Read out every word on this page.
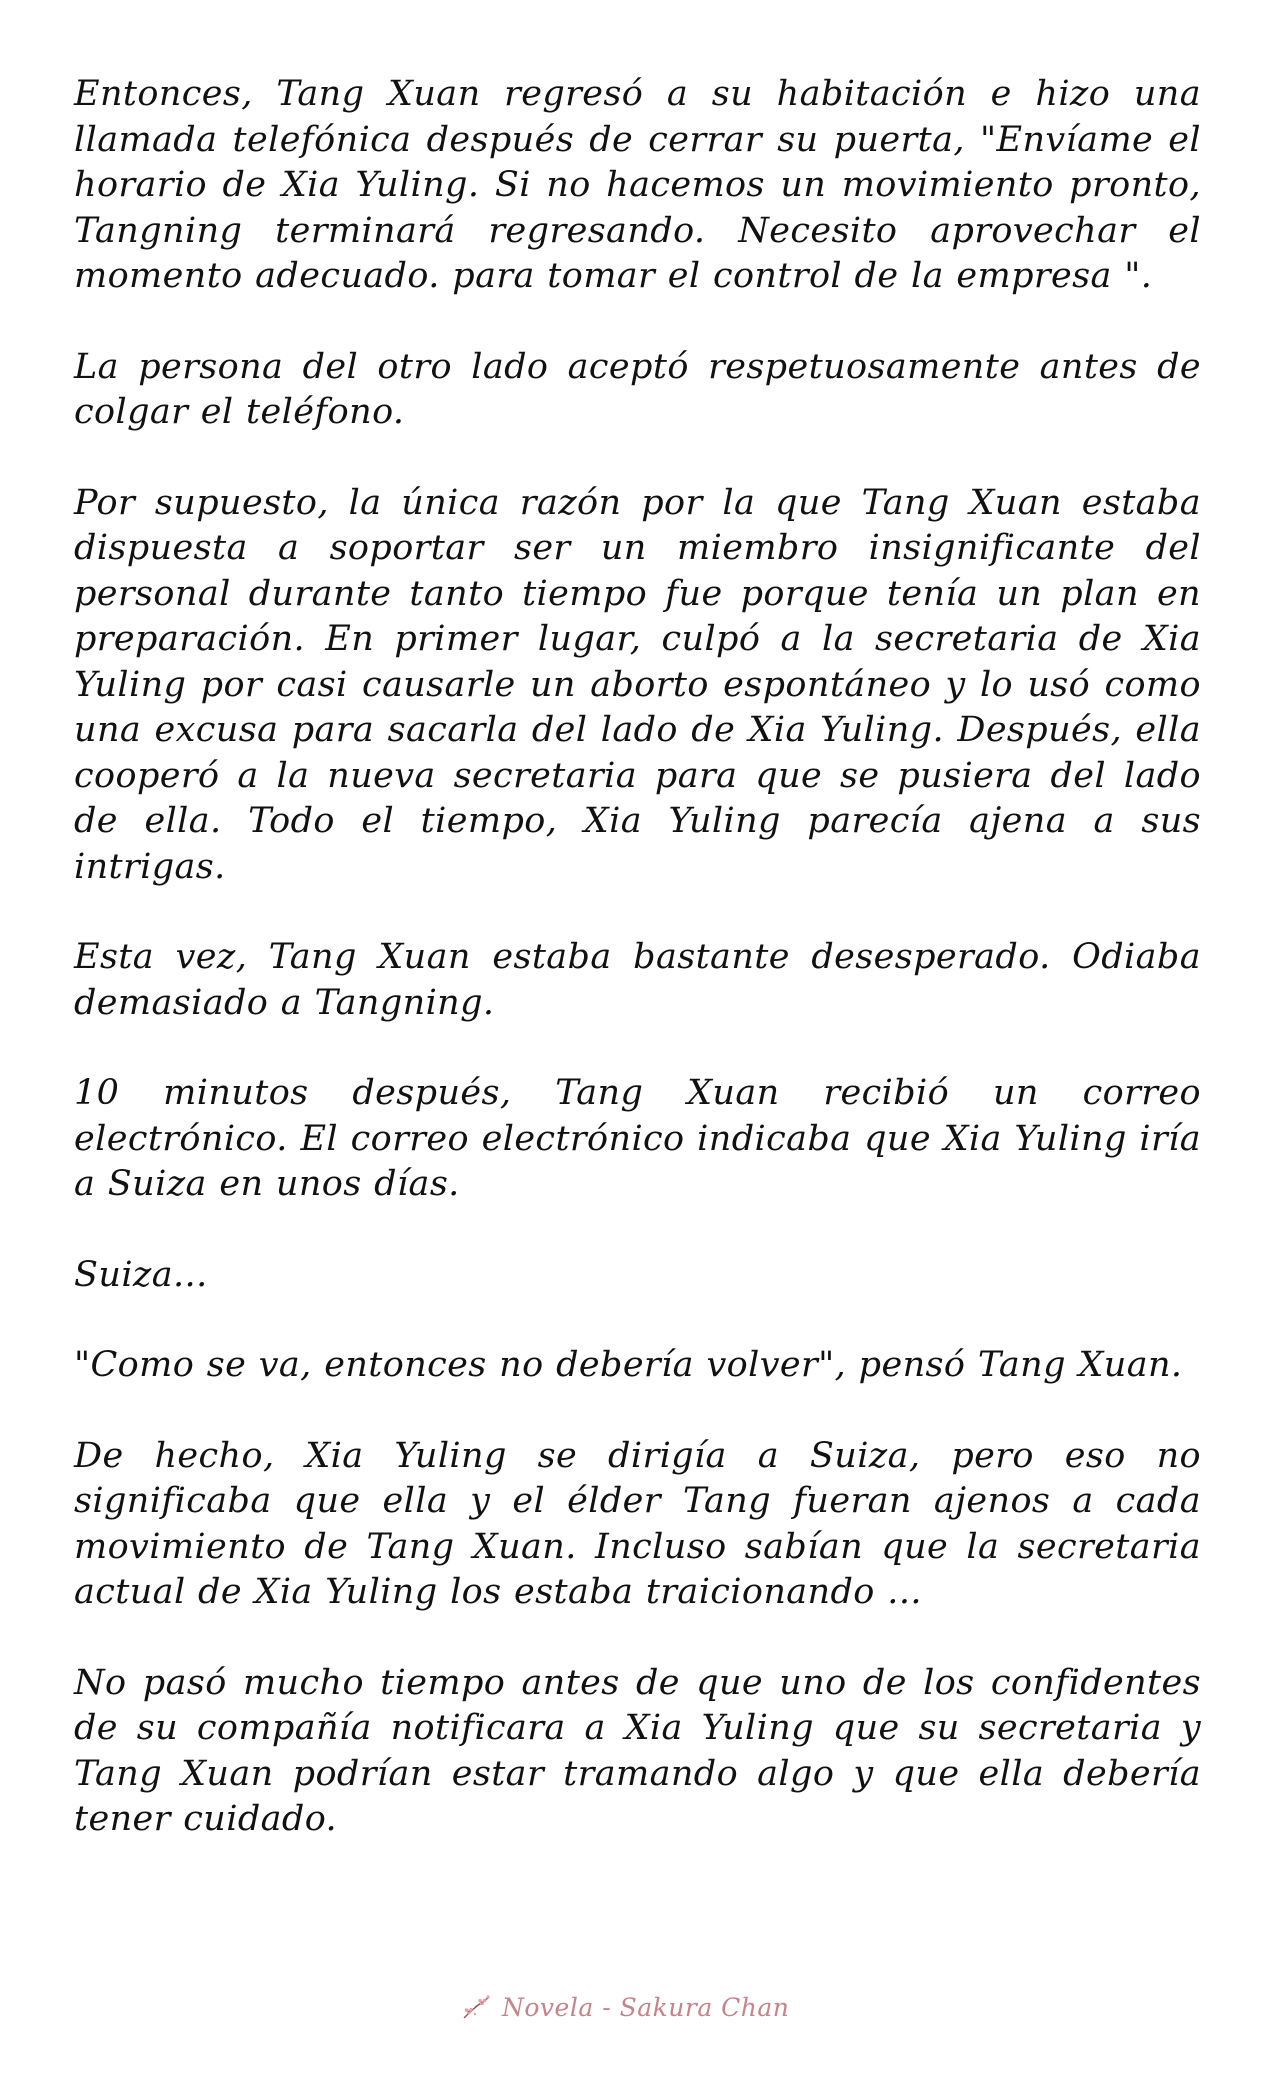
Entonces, Tang Xuan regresó a su habitación e hizo una llamada telefónica después de cerrar su puerta, "Envíame el horario de Xia Yuling. Si no hacemos un movimiento pronto, Tangning terminará regresando. Necesito aprovechar el momento adecuado. para tomar el control de la empresa ".

La persona del otro lado aceptó respetuosamente antes de colgar el teléfono.

Por supuesto, la única razón por la que Tang Xuan estaba dispuesta a soportar ser un miembro insignificante del personal durante tanto tiempo fue porque tenía un plan en preparación. En primer lugar, culpó a la secretaria de Xia Yuling por casi causarle un aborto espontáneo y lo usó como una excusa para sacarla del lado de Xia Yuling. Después, ella cooperó a la nueva secretaria para que se pusiera del lado de ella. Todo el tiempo, Xia Yuling parecía ajena a sus intrigas.

Esta vez, Tang Xuan estaba bastante desesperado. Odiaba demasiado a Tangning.

10 minutos después, Tang Xuan recibió un correo electrónico. El correo electrónico indicaba que Xia Yuling iría a Suiza en unos días.

Suiza...

"Como se va, entonces no debería volver", pensó Tang Xuan.

De hecho, Xia Yuling se dirigía a Suiza, pero eso no significaba que ella y el élder Tang fueran ajenos a cada movimiento de Tang Xuan. Incluso sabían que la secretaria actual de Xia Yuling los estaba traicionando ...

No pasó mucho tiempo antes de que uno de los confidentes de su compañía notificara a Xia Yuling que su secretaria y Tang Xuan podrían estar tramando algo y que ella debería tener cuidado.

Novela - Sakura Chan
